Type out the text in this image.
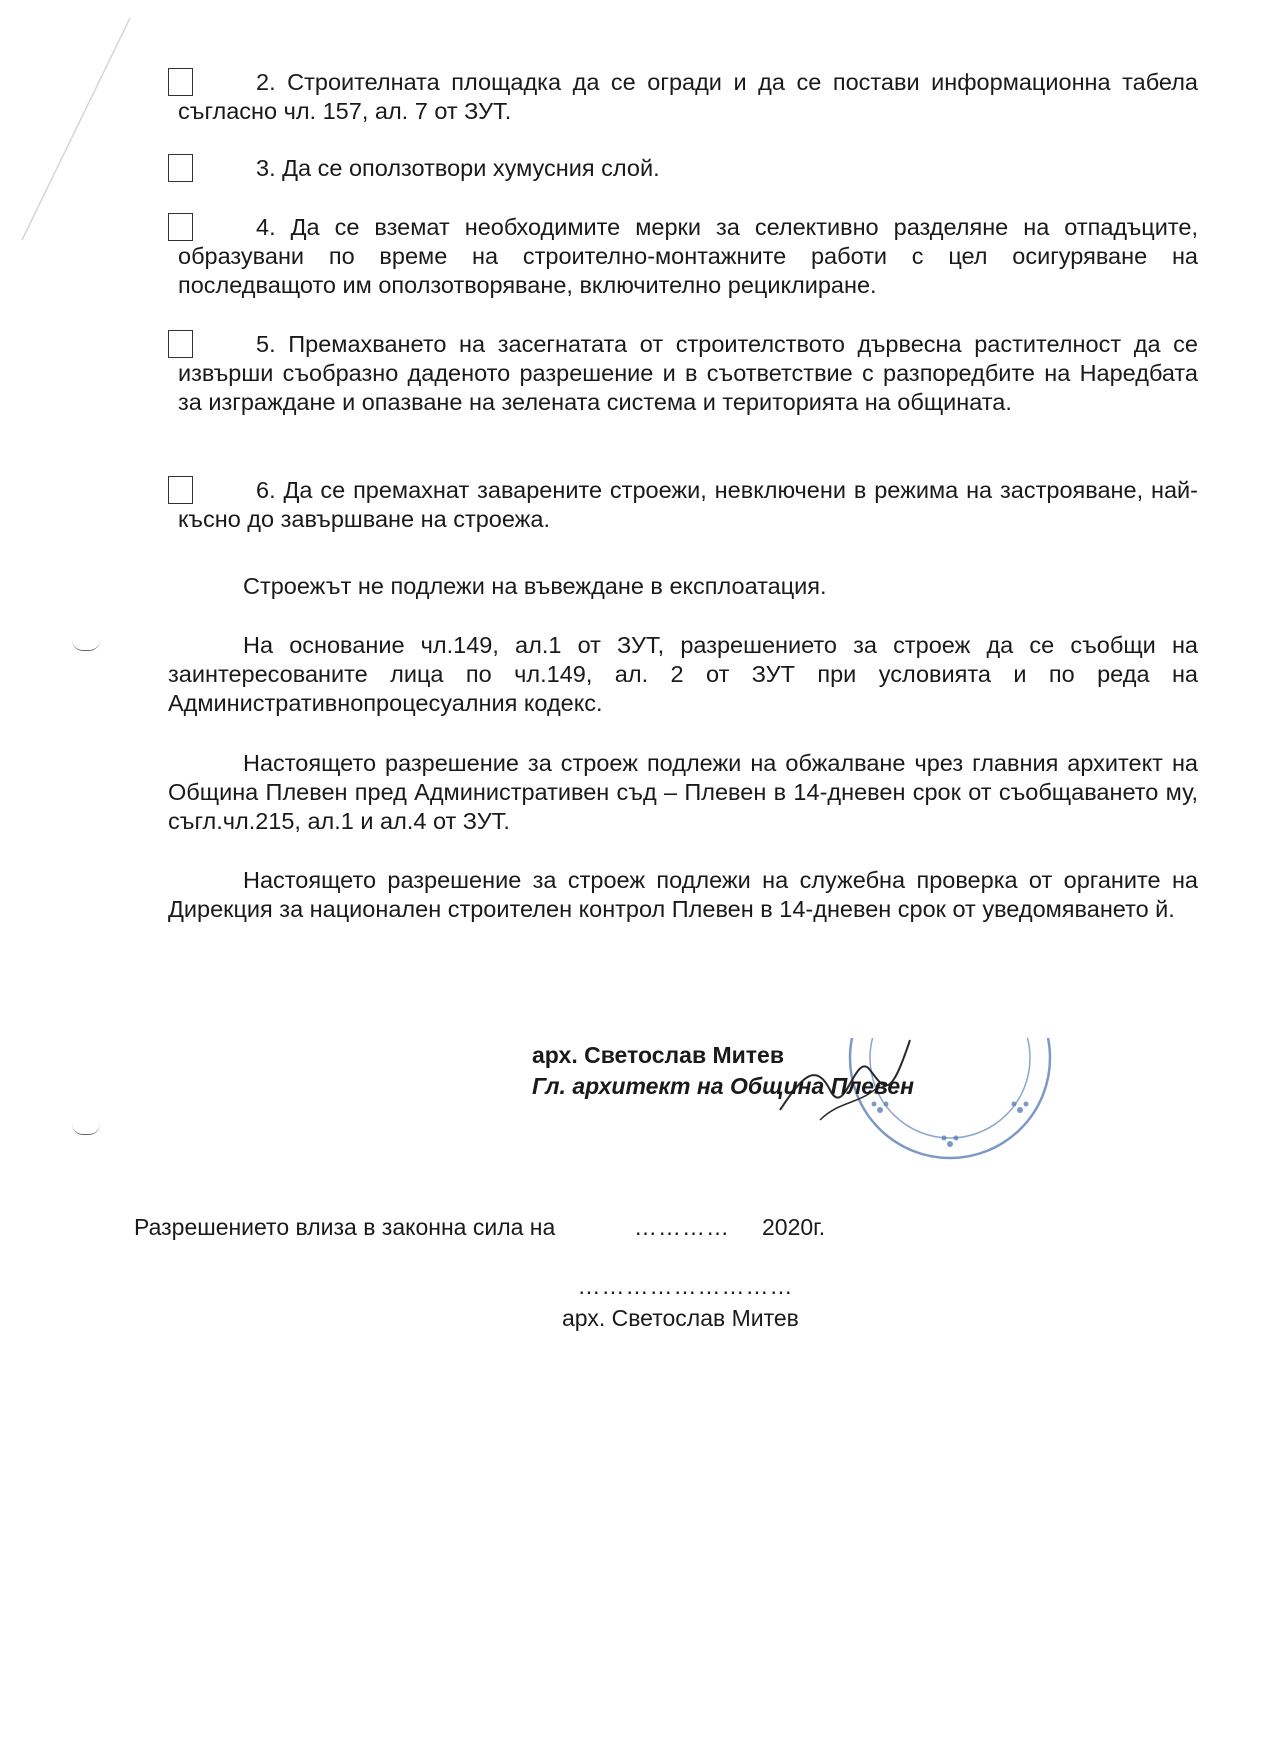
2. Строителната площадка да се огради и да се постави информационна табела съгласно чл. 157, ал. 7 от ЗУТ.

3. Да се оползотвори хумусния слой.

4. Да се вземат необходимите мерки за селективно разделяне на отпадъците, образувани по време на строително-монтажните работи с цел осигуряване на последващото им оползотворяване, включително рециклиране.

5. Премахването на засегнатата от строителството дървесна растителност да се извърши съобразно даденото разрешение и в съответствие с разпоредбите на Наредбата за изграждане и опазване на зелената система и територията на общината.

6. Да се премахнат заварените строежи, невключени в режима на застрояване, най-късно до завършване на строежа.

Строежът не подлежи на въвеждане в експлоатация.

На основание чл.149, ал.1 от ЗУТ, разрешението за строеж да се съобщи на заинтересованите лица по чл.149, ал. 2 от ЗУТ при условията и по реда на Административнопроцесуалния кодекс.

Настоящето разрешение за строеж подлежи на обжалване чрез главния архитект на Община Плевен пред Административен съд – Плевен в 14-дневен срок от съобщаването му, съгл.чл.215, ал.1 и ал.4 от ЗУТ.

Настоящето разрешение за строеж подлежи на служебна проверка от органите на Дирекция за национален строителен контрол Плевен в 14-дневен срок от уведомяването й.

арх. Светослав Митев
Гл. архитект на Община Плевен
Разрешението влиза в законна сила на	………… 2020г.
………………………
арх. Светослав Митев
